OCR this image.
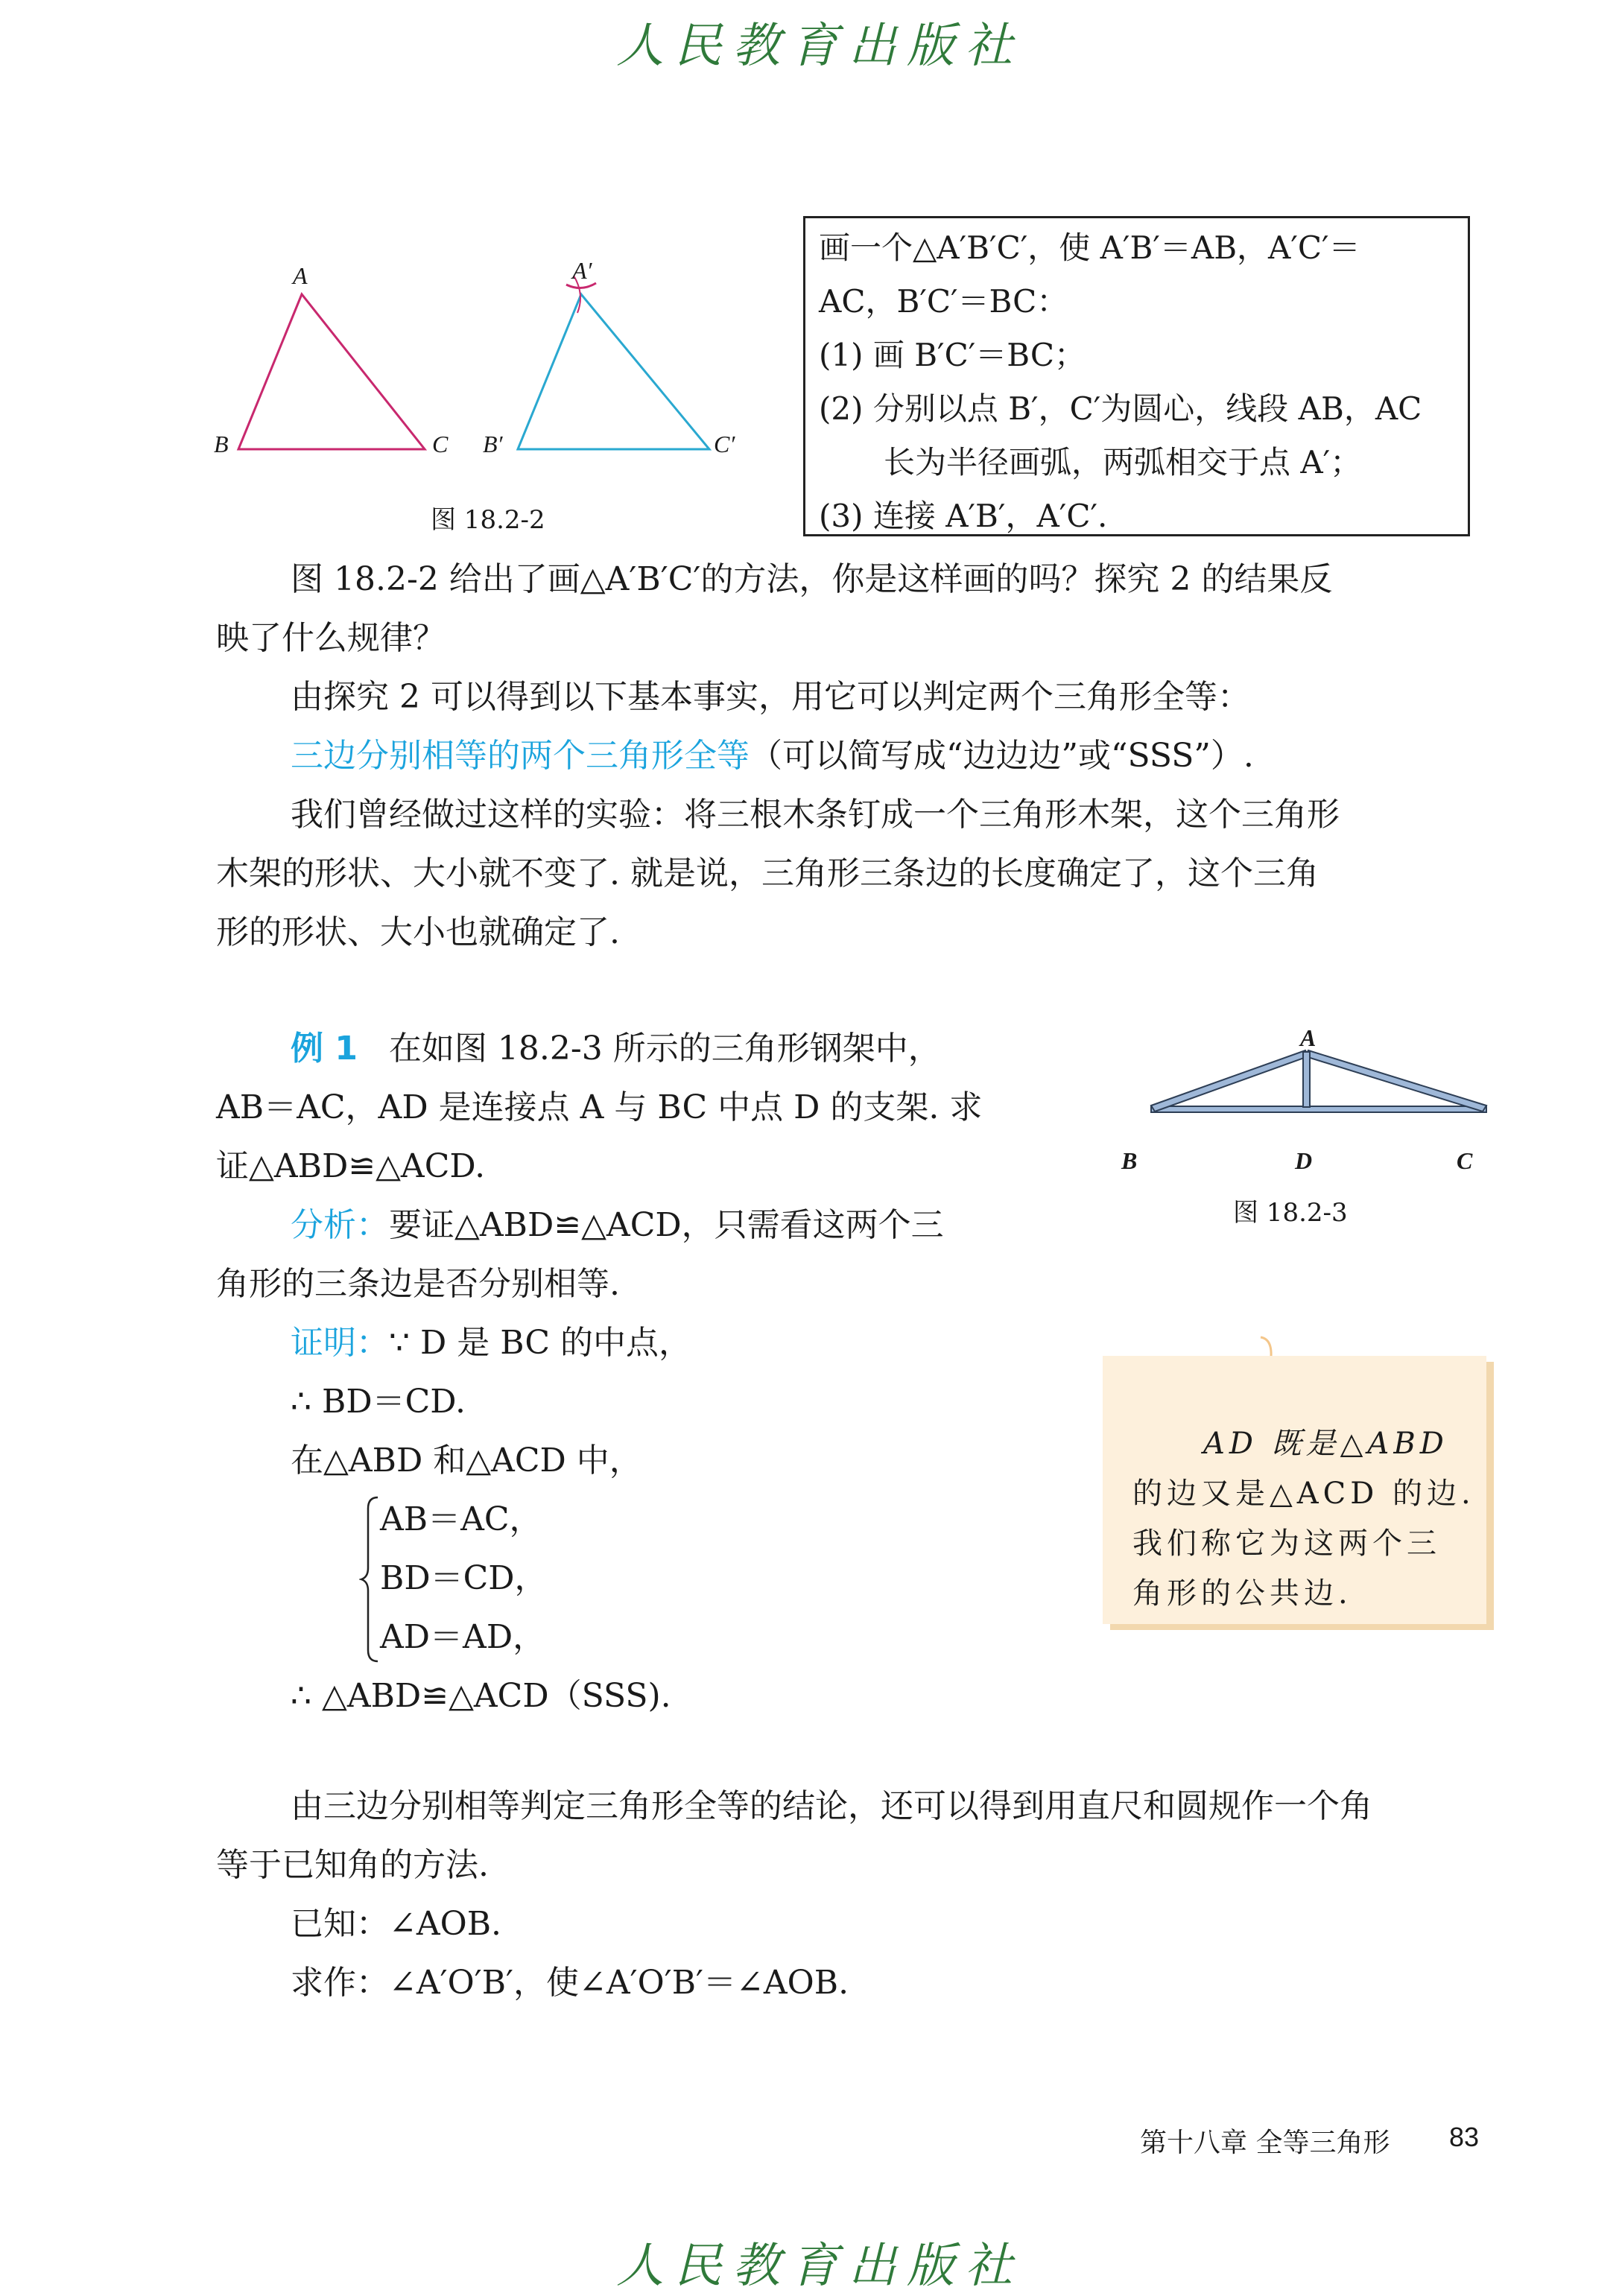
人民教育出版社
A
B	C
A′
B′	C′
图 18.2-2
画一个△A′B′C′，使 A′B′＝AB，A′C′＝
AC，B′C′＝BC：
(1) 画 B′C′＝BC；
(2) 分别以点 B′，C′为圆心，线段 AB，AC
长为半径画弧，两弧相交于点 A′；
(3) 连接 A′B′，A′C′.
图 18.2-2 给出了画△A′B′C′的方法，你是这样画的吗？探究 2 的结果反
映了什么规律？
由探究 2 可以得到以下基本事实，用它可以判定两个三角形全等：
三边分别相等的两个三角形全等（可以简写成“边边边”或“SSS”）.
我们曾经做过这样的实验：将三根木条钉成一个三角形木架，这个三角形
木架的形状、大小就不变了. 就是说，三角形三条边的长度确定了，这个三角
形的形状、大小也就确定了.
例 1 在如图 18.2-3 所示的三角形钢架中，
AB＝AC，AD 是连接点 A 与 BC 中点 D 的支架. 求
证△ABD≌△ACD.
分析：要证△ABD≌△ACD，只需看这两个三
角形的三条边是否分别相等.
证明：∵ D 是 BC 的中点，
∴ BD＝CD.
在△ABD 和△ACD 中，
AB＝AC，
BD＝CD，
AD＝AD，
∴ △ABD≌△ACD（SSS).
A
B	D	C
图 18.2-3
AD 既是△ABD
的边又是△ACD 的边.
我们称它为这两个三
角形的公共边.
由三边分别相等判定三角形全等的结论，还可以得到用直尺和圆规作一个角
等于已知角的方法.
已知：∠AOB.
求作：∠A′O′B′，使∠A′O′B′＝∠AOB.
第十八章 全等三角形 83
人民教育出版社
